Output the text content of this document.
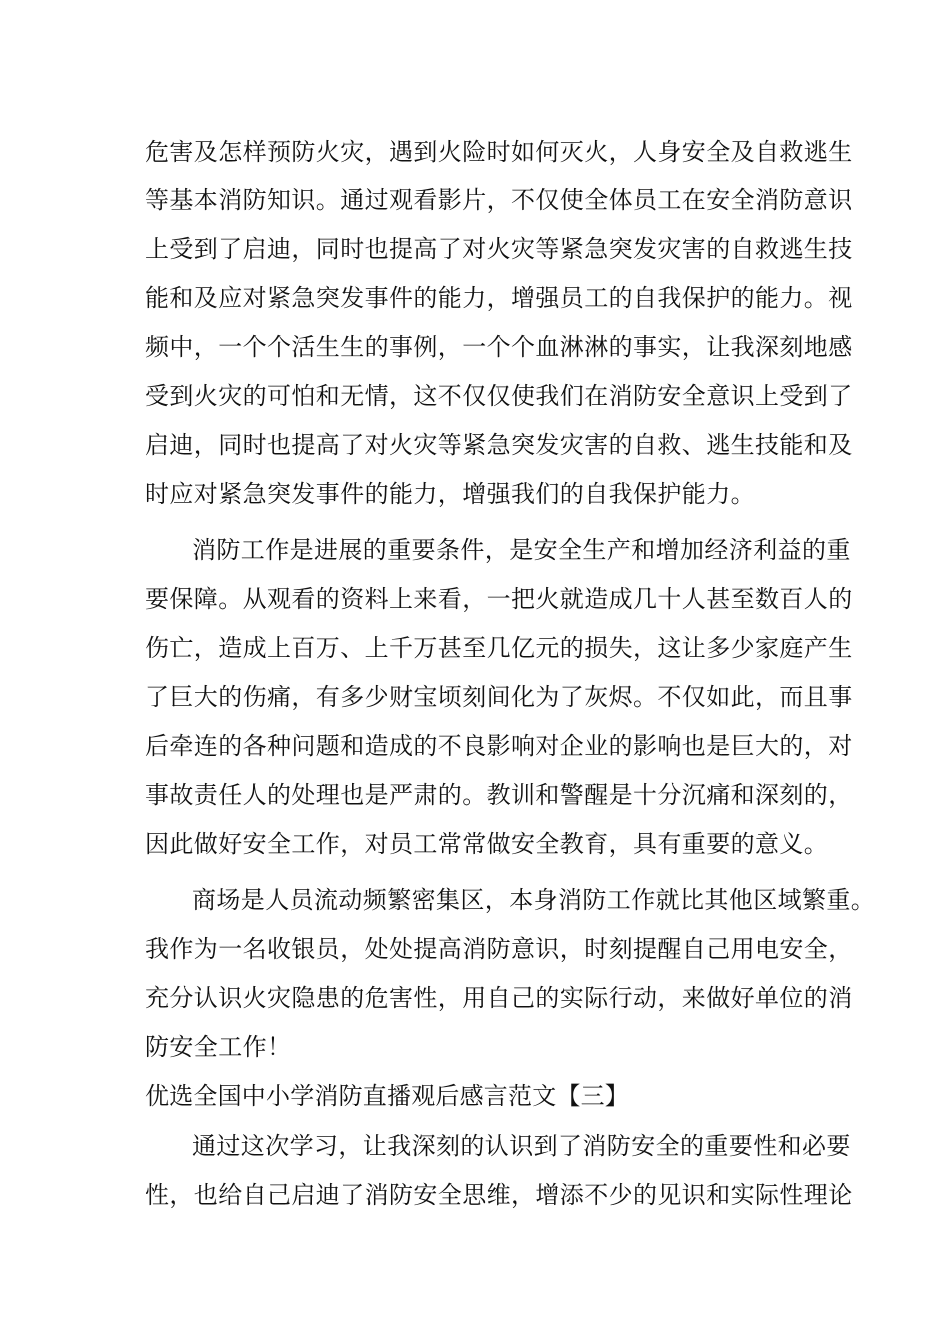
危害及怎样预防火灾，遇到火险时如何灭火，人身安全及自救逃生
等基本消防知识。通过观看影片，不仅使全体员工在安全消防意识
上受到了启迪，同时也提高了对火灾等紧急突发灾害的自救逃生技
能和及应对紧急突发事件的能力，增强员工的自我保护的能力。视
频中，一个个活生生的事例，一个个血淋淋的事实，让我深刻地感
受到火灾的可怕和无情，这不仅仅使我们在消防安全意识上受到了
启迪，同时也提高了对火灾等紧急突发灾害的自救、逃生技能和及
时应对紧急突发事件的能力，增强我们的自我保护能力。
消防工作是进展的重要条件，是安全生产和增加经济利益的重
要保障。从观看的资料上来看，一把火就造成几十人甚至数百人的
伤亡，造成上百万、上千万甚至几亿元的损失，这让多少家庭产生
了巨大的伤痛，有多少财宝顷刻间化为了灰烬。不仅如此，而且事
后牵连的各种问题和造成的不良影响对企业的影响也是巨大的，对
事故责任人的处理也是严肃的。教训和警醒是十分沉痛和深刻的，
因此做好安全工作，对员工常常做安全教育，具有重要的意义。
商场是人员流动频繁密集区，本身消防工作就比其他区域繁重。
我作为一名收银员，处处提高消防意识，时刻提醒自己用电安全，
充分认识火灾隐患的危害性，用自己的实际行动，来做好单位的消
防安全工作！
优选全国中小学消防直播观后感言范文【三】
通过这次学习，让我深刻的认识到了消防安全的重要性和必要
性，也给自己启迪了消防安全思维，增添不少的见识和实际性理论
